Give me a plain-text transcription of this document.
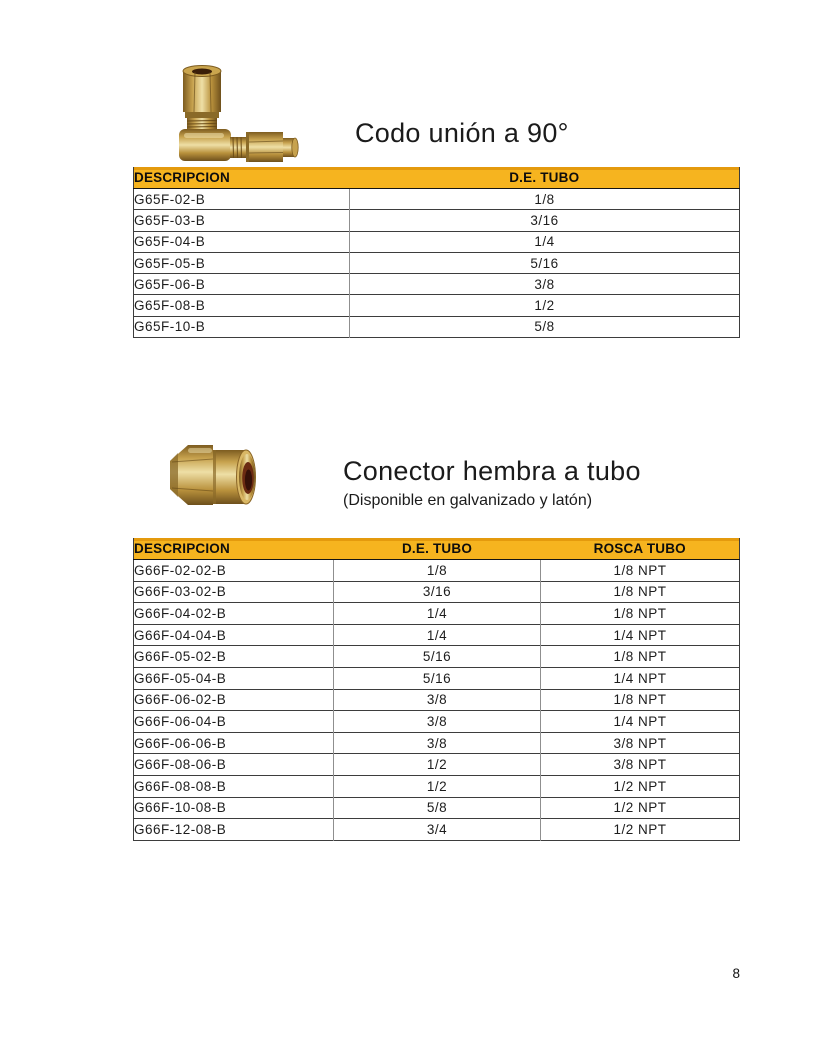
Codo unión a 90°
DESCRIPCION	D.E. TUBO
G65F-02-B	1/8
G65F-03-B	3/16
G65F-04-B	1/4
G65F-05-B	5/16
G65F-06-B	3/8
G65F-08-B	1/2
G65F-10-B	5/8
Conector hembra a tubo
(Disponible en galvanizado y latón)
DESCRIPCION	D.E. TUBO	ROSCA TUBO
G66F-02-02-B	1/8	1/8 NPT
G66F-03-02-B	3/16	1/8 NPT
G66F-04-02-B	1/4	1/8 NPT
G66F-04-04-B	1/4	1/4 NPT
G66F-05-02-B	5/16	1/8 NPT
G66F-05-04-B	5/16	1/4 NPT
G66F-06-02-B	3/8	1/8 NPT
G66F-06-04-B	3/8	1/4 NPT
G66F-06-06-B	3/8	3/8 NPT
G66F-08-06-B	1/2	3/8 NPT
G66F-08-08-B	1/2	1/2 NPT
G66F-10-08-B	5/8	1/2 NPT
G66F-12-08-B	3/4	1/2 NPT
8
